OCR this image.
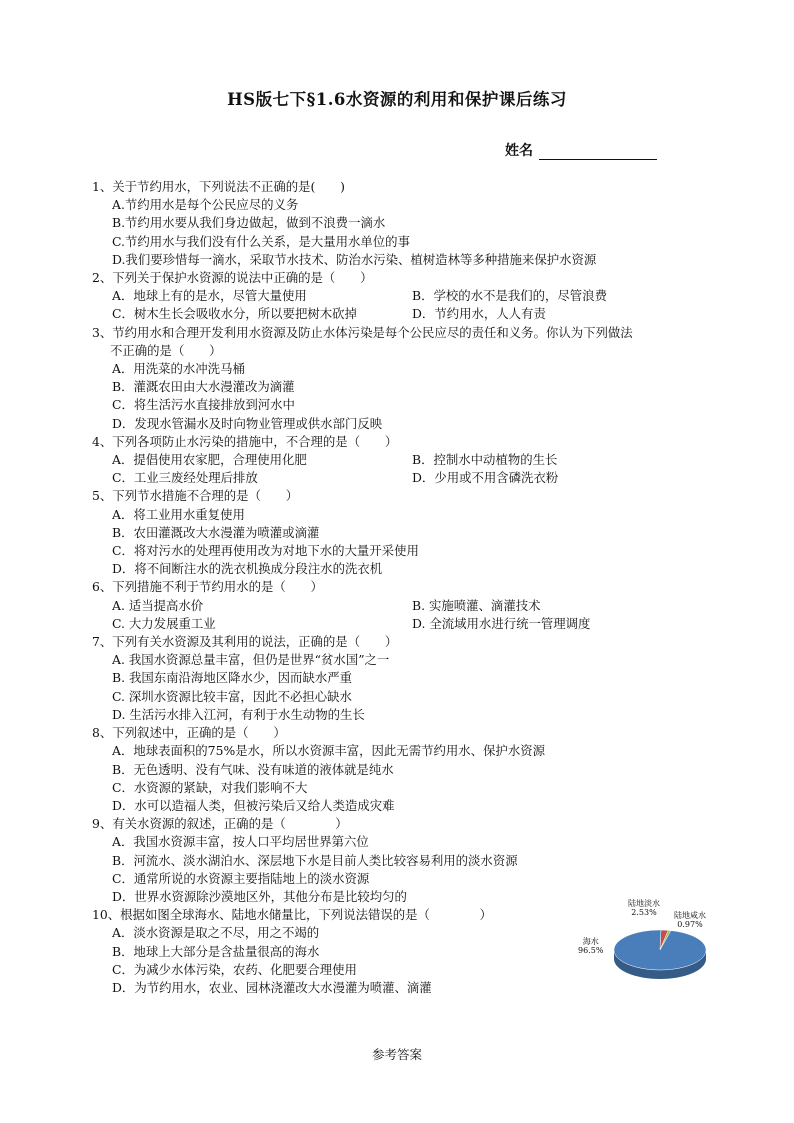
HS版七下§1.6水资源的利用和保护课后练习
姓名
1、关于节约用水，下列说法不正确的是(　　)
A.节约用水是每个公民应尽的义务
B.节约用水要从我们身边做起，做到不浪费一滴水
C.节约用水与我们没有什么关系，是大量用水单位的事
D.我们要珍惜每一滴水，采取节水技术、防治水污染、植树造林等多种措施来保护水资源
2、下列关于保护水资源的说法中正确的是（　　）
A．地球上有的是水，尽管大量使用	B．学校的水不是我们的，尽管浪费
C．树木生长会吸收水分，所以要把树木砍掉	D．节约用水，人人有责
3、节约用水和合理开发利用水资源及防止水体污染是每个公民应尽的责任和义务。你认为下列做法
不正确的是（　　）
A．用洗菜的水冲洗马桶
B．灌溉农田由大水漫灌改为滴灌
C．将生活污水直接排放到河水中
D．发现水管漏水及时向物业管理或供水部门反映
4、下列各项防止水污染的措施中，不合理的是（　　）
A．提倡使用农家肥，合理使用化肥	B．控制水中动植物的生长
C．工业三废经处理后排放	D．少用或不用含磷洗衣粉
5、下列节水措施不合理的是（　　）
A．将工业用水重复使用
B．农田灌溉改大水漫灌为喷灌或滴灌
C．将对污水的处理再使用改为对地下水的大量开采使用
D．将不间断注水的洗衣机换成分段注水的洗衣机
6、下列措施不利于节约用水的是（　　）
A. 适当提高水价	B. 实施喷灌、滴灌技术
C. 大力发展重工业	D. 全流域用水进行统一管理调度
7、下列有关水资源及其利用的说法，正确的是（　　）
A. 我国水资源总量丰富，但仍是世界“贫水国”之一
B. 我国东南沿海地区降水少，因而缺水严重
C. 深圳水资源比较丰富，因此不必担心缺水
D. 生活污水排入江河，有利于水生动物的生长
8、下列叙述中，正确的是（　　）
A．地球表面积的75%是水，所以水资源丰富，因此无需节约用水、保护水资源
B．无色透明、没有气味、没有味道的液体就是纯水
C．水资源的紧缺，对我们影响不大
D．水可以造福人类，但被污染后又给人类造成灾难
9、有关水资源的叙述，正确的是（　　　　）
A．我国水资源丰富，按人口平均居世界第六位
B．河流水、淡水湖泊水、深层地下水是目前人类比较容易利用的淡水资源
C．通常所说的水资源主要指陆地上的淡水资源
D．世界水资源除沙漠地区外，其他分布是比较均匀的
10、根据如图全球海水、陆地水储量比，下列说法错误的是（　　　　）
A．淡水资源是取之不尽，用之不竭的
B．地球上大部分是含盐量很高的海水
C．为减少水体污染，农药、化肥要合理使用
D．为节约用水，农业、园林浇灌改大水漫灌为喷灌、滴灌
海水
96.5%
陆地淡水
2.53%	陆地咸水
0.97%
参考答案
